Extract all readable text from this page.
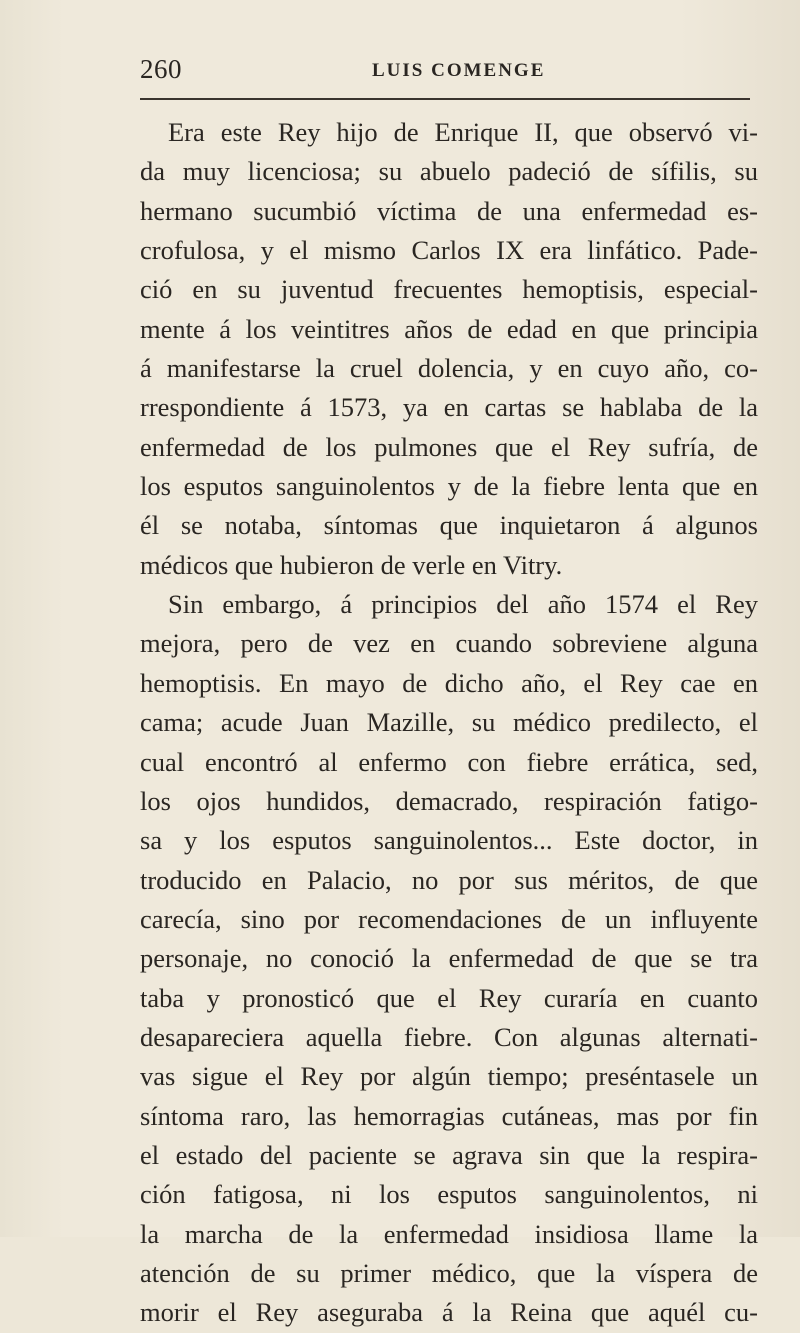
260	LUIS COMENGE
Era este Rey hijo de Enrique II, que observó vi-
da muy licenciosa; su abuelo padeció de sífilis, su
hermano sucumbió víctima de una enfermedad es-
crofulosa, y el mismo Carlos IX era linfático. Pade-
ció en su juventud frecuentes hemoptisis, especial-
mente á los veintitres años de edad en que principia
á manifestarse la cruel dolencia, y en cuyo año, co-
rrespondiente á 1573, ya en cartas se hablaba de la
enfermedad de los pulmones que el Rey sufría, de
los esputos sanguinolentos y de la fiebre lenta que en
él se notaba, síntomas que inquietaron á algunos
médicos que hubieron de verle en Vitry.
Sin embargo, á principios del año 1574 el Rey
mejora, pero de vez en cuando sobreviene alguna
hemoptisis. En mayo de dicho año, el Rey cae en
cama; acude Juan Mazille, su médico predilecto, el
cual encontró al enfermo con fiebre errática, sed,
los ojos hundidos, demacrado, respiración fatigo-
sa y los esputos sanguinolentos... Este doctor, in
troducido en Palacio, no por sus méritos, de que
carecía, sino por recomendaciones de un influyente
personaje, no conoció la enfermedad de que se tra
taba y pronosticó que el Rey curaría en cuanto
desapareciera aquella fiebre. Con algunas alternati-
vas sigue el Rey por algún tiempo; preséntasele un
síntoma raro, las hemorragias cutáneas, mas por fin
el estado del paciente se agrava sin que la respira-
ción fatigosa, ni los esputos sanguinolentos, ni
la marcha de la enfermedad insidiosa llame la
atención de su primer médico, que la víspera de
morir el Rey aseguraba á la Reina que aquél cu-
